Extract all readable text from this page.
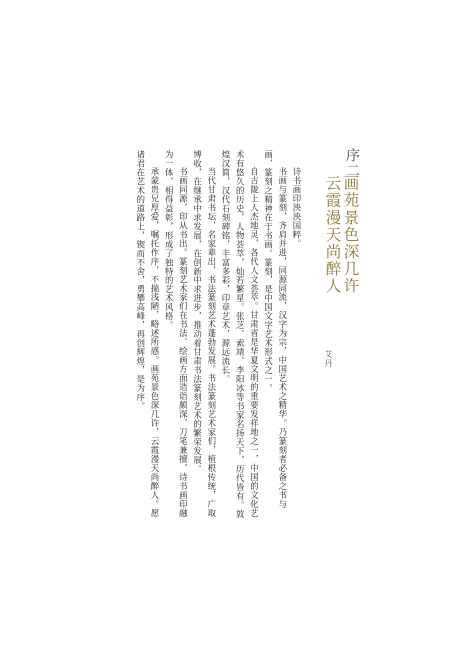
序二
画苑景色深几许
云霞漫天尚醉人
艾丹

诗书画印泱泱国粹。

书画与篆刻，齐肩并进，同源同流，汉字为宗，中国艺术之精华。乃篆刻者必备之书与画，篆刻之精神在于书画。篆刻，是中国文字艺术形式之一。

自古陇上人杰地灵，各代人文荟萃。甘肃省是华夏文明的重要发祥地之一，中国的文化艺术有悠久的历史，人物荟萃，灿若繁星。张芝、索靖、李阳冰等书家名扬天下，历代皆有。敦煌汉简，汉代石刻碑铭，丰富多彩，印章艺术，源远流长。

当代甘肃书坛，名家辈出，书法篆刻艺术蓬勃发展。书法篆刻艺术家们，植根传统，广取博收，在继承中求发展，在创新中求进步，推动着甘肃书法篆刻艺术的繁荣发展。

书画同源，印从书出。篆刻艺术家们在书法、绘画方面造诣颇深，刀笔兼擅，诗书画印融为一体，相得益彰，形成了独特的艺术风格。

承蒙贵兄厚爱，嘱托作序，不揣浅陋，略述所感。画苑景色深几许，云霞漫天尚醉人。愿诸君在艺术的道路上，锲而不舍，勇攀高峰，再创辉煌，是为序。
